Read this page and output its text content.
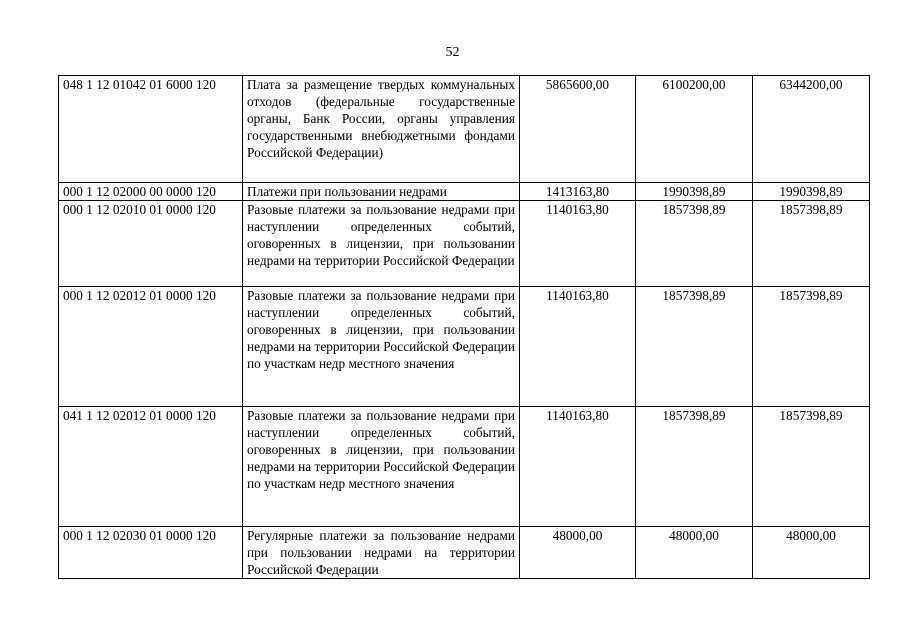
52
048 1 12 01042 01 6000 120	Плата за размещение твердых коммунальных отходов (федеральные государственные органы, Банк России, органы управления государственными внебюджетными фондами Российской Федерации)	5865600,00	6100200,00	6344200,00
000 1 12 02000 00 0000 120	Платежи при пользовании недрами	1413163,80	1990398,89	1990398,89
000 1 12 02010 01 0000 120	Разовые платежи за пользование недрами при наступлении определенных событий, оговоренных в лицензии, при пользовании недрами на территории Российской Федерации	1140163,80	1857398,89	1857398,89
000 1 12 02012 01 0000 120	Разовые платежи за пользование недрами при наступлении определенных событий, оговоренных в лицензии, при пользовании недрами на территории Российской Федерации по участкам недр местного значения	1140163,80	1857398,89	1857398,89
041 1 12 02012 01 0000 120	Разовые платежи за пользование недрами при наступлении определенных событий, оговоренных в лицензии, при пользовании недрами на территории Российской Федерации по участкам недр местного значения	1140163,80	1857398,89	1857398,89
000 1 12 02030 01 0000 120	Регулярные платежи за пользование недрами при пользовании недрами на территории Российской Федерации	48000,00	48000,00	48000,00
